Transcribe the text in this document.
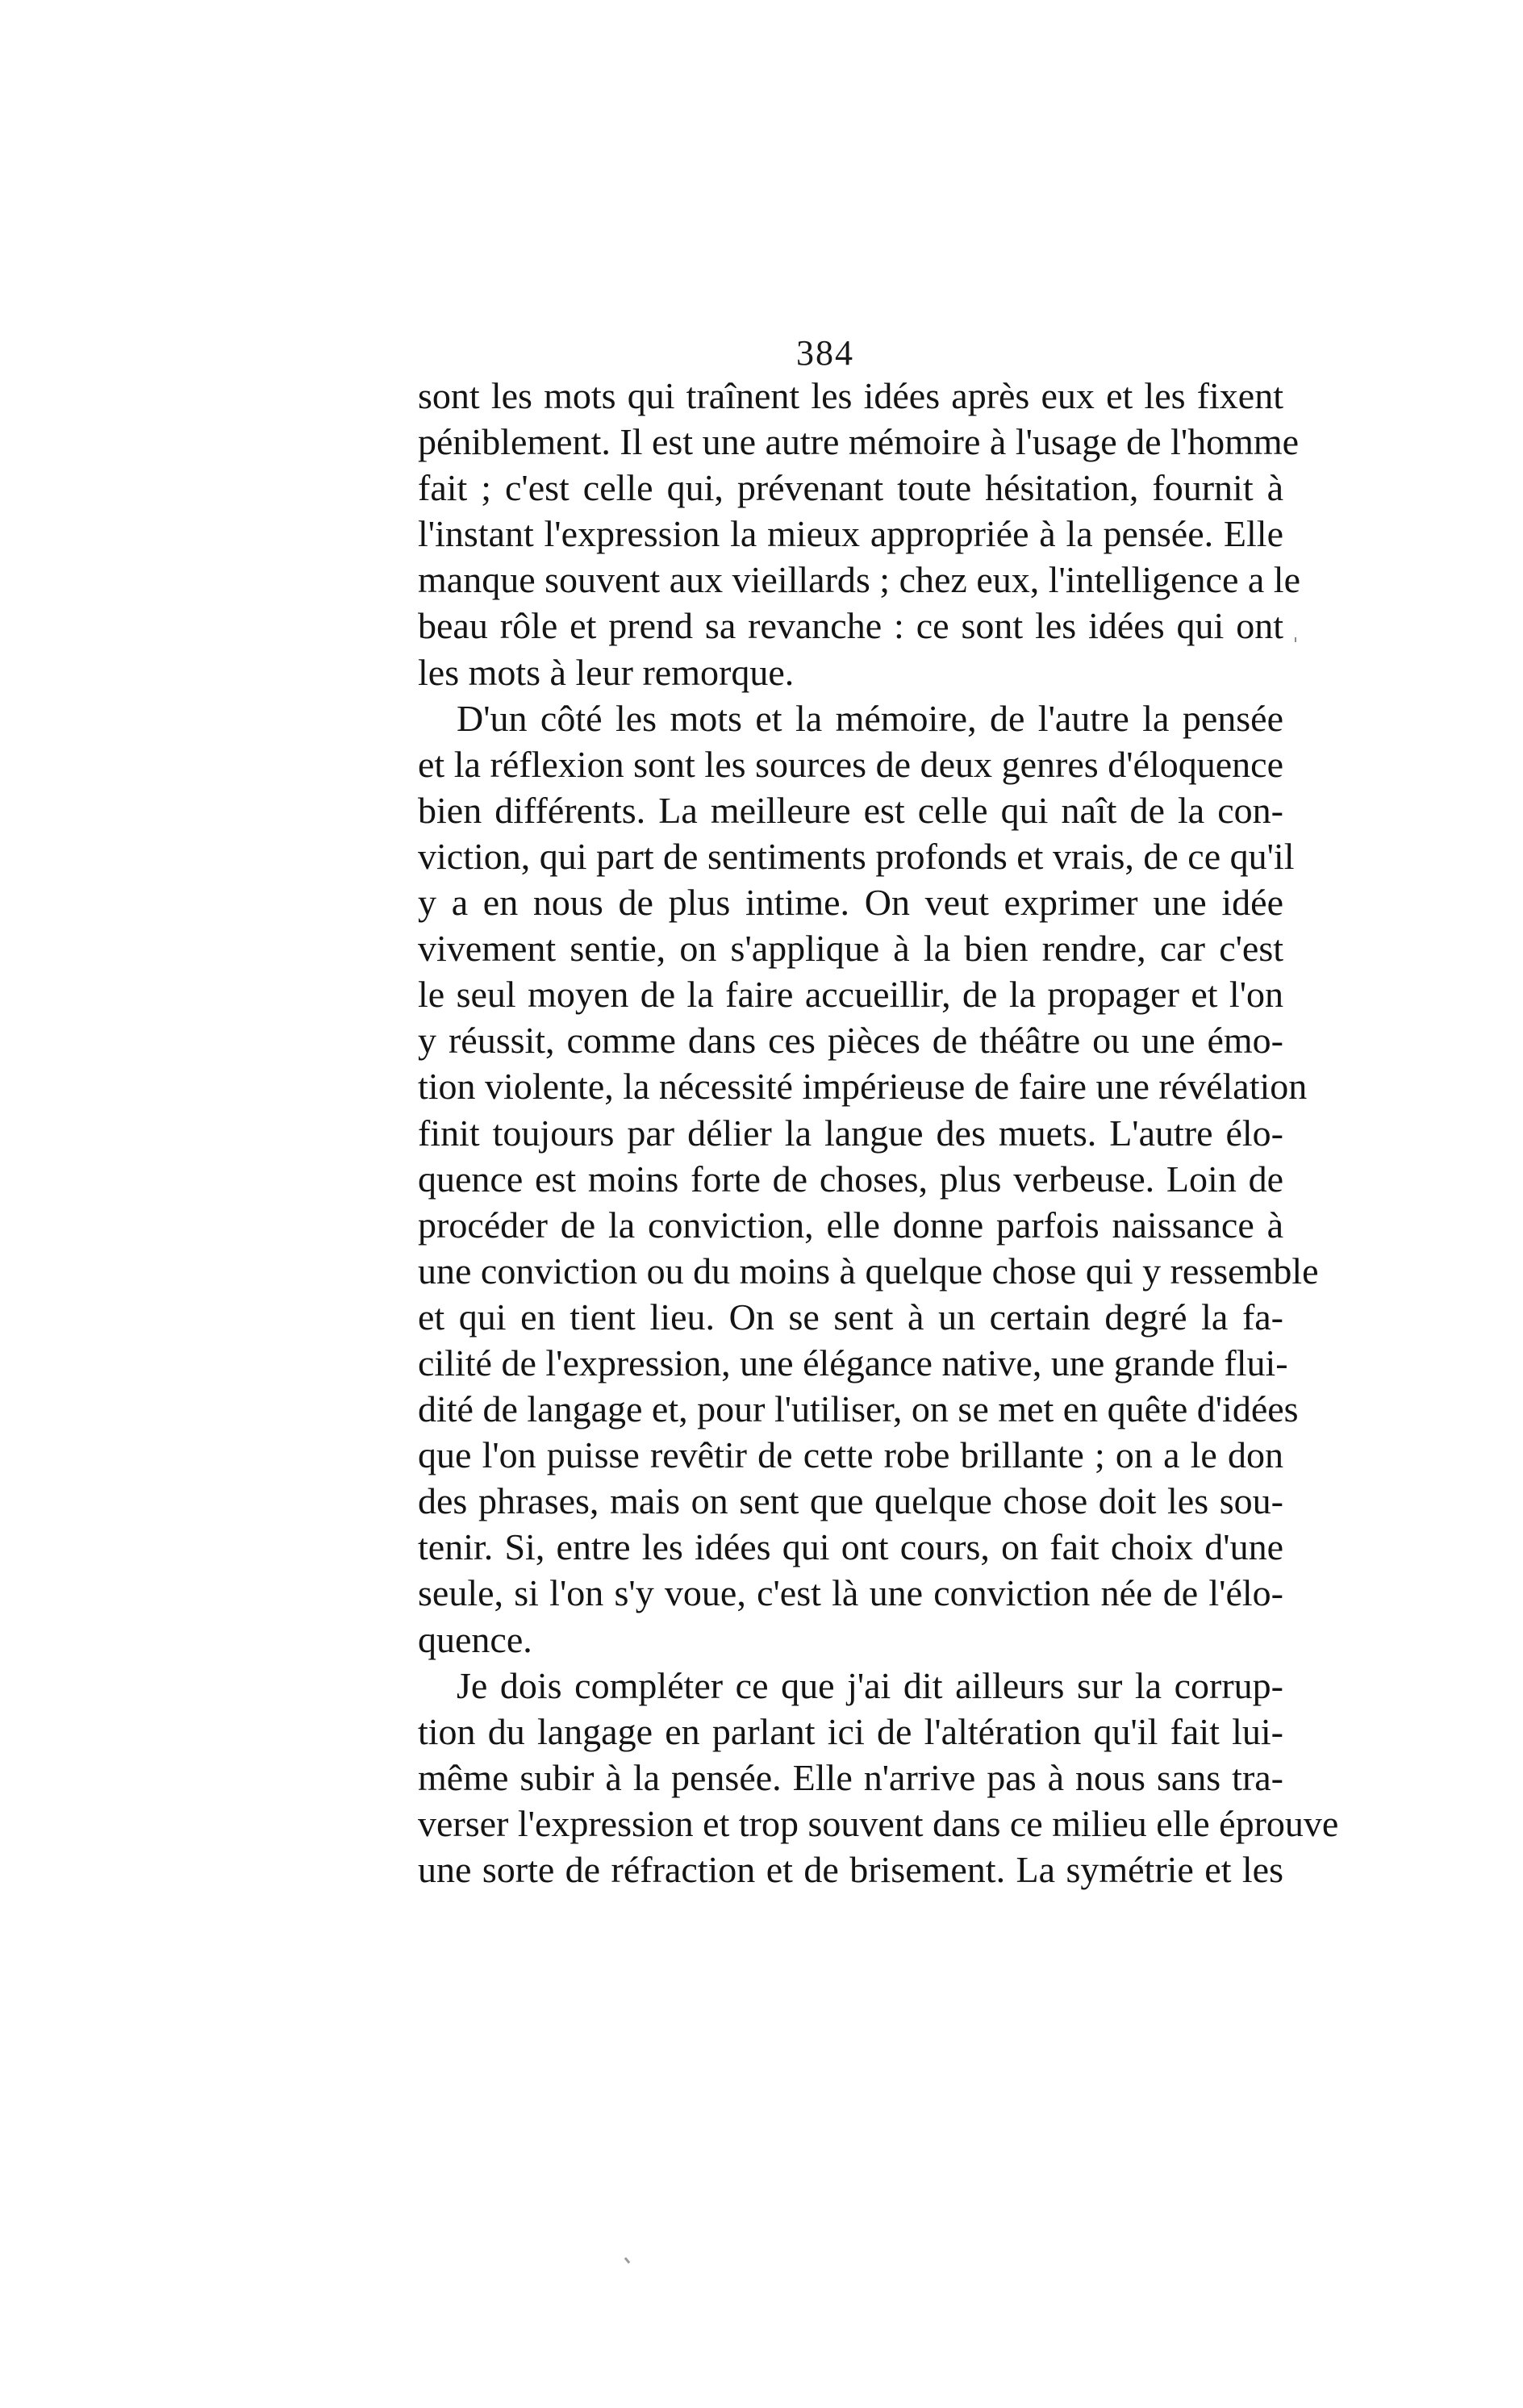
384
sont les mots qui traînent les idées après eux et les fixent
péniblement. Il est une autre mémoire à l'usage de l'homme
fait ; c'est celle qui, prévenant toute hésitation, fournit à
l'instant l'expression la mieux appropriée à la pensée. Elle
manque souvent aux vieillards ; chez eux, l'intelligence a le
beau rôle et prend sa revanche : ce sont les idées qui ont
les mots à leur remorque.
D'un côté les mots et la mémoire, de l'autre la pensée
et la réflexion sont les sources de deux genres d'éloquence
bien différents. La meilleure est celle qui naît de la con-
viction, qui part de sentiments profonds et vrais, de ce qu'il
y a en nous de plus intime. On veut exprimer une idée
vivement sentie, on s'applique à la bien rendre, car c'est
le seul moyen de la faire accueillir, de la propager et l'on
y réussit, comme dans ces pièces de théâtre ou une émo-
tion violente, la nécessité impérieuse de faire une révélation
finit toujours par délier la langue des muets. L'autre élo-
quence est moins forte de choses, plus verbeuse. Loin de
procéder de la conviction, elle donne parfois naissance à
une conviction ou du moins à quelque chose qui y ressemble
et qui en tient lieu. On se sent à un certain degré la fa-
cilité de l'expression, une élégance native, une grande flui-
dité de langage et, pour l'utiliser, on se met en quête d'idées
que l'on puisse revêtir de cette robe brillante ; on a le don
des phrases, mais on sent que quelque chose doit les sou-
tenir. Si, entre les idées qui ont cours, on fait choix d'une
seule, si l'on s'y voue, c'est là une conviction née de l'élo-
quence.
Je dois compléter ce que j'ai dit ailleurs sur la corrup-
tion du langage en parlant ici de l'altération qu'il fait lui-
même subir à la pensée. Elle n'arrive pas à nous sans tra-
verser l'expression et trop souvent dans ce milieu elle éprouve
une sorte de réfraction et de brisement. La symétrie et les
